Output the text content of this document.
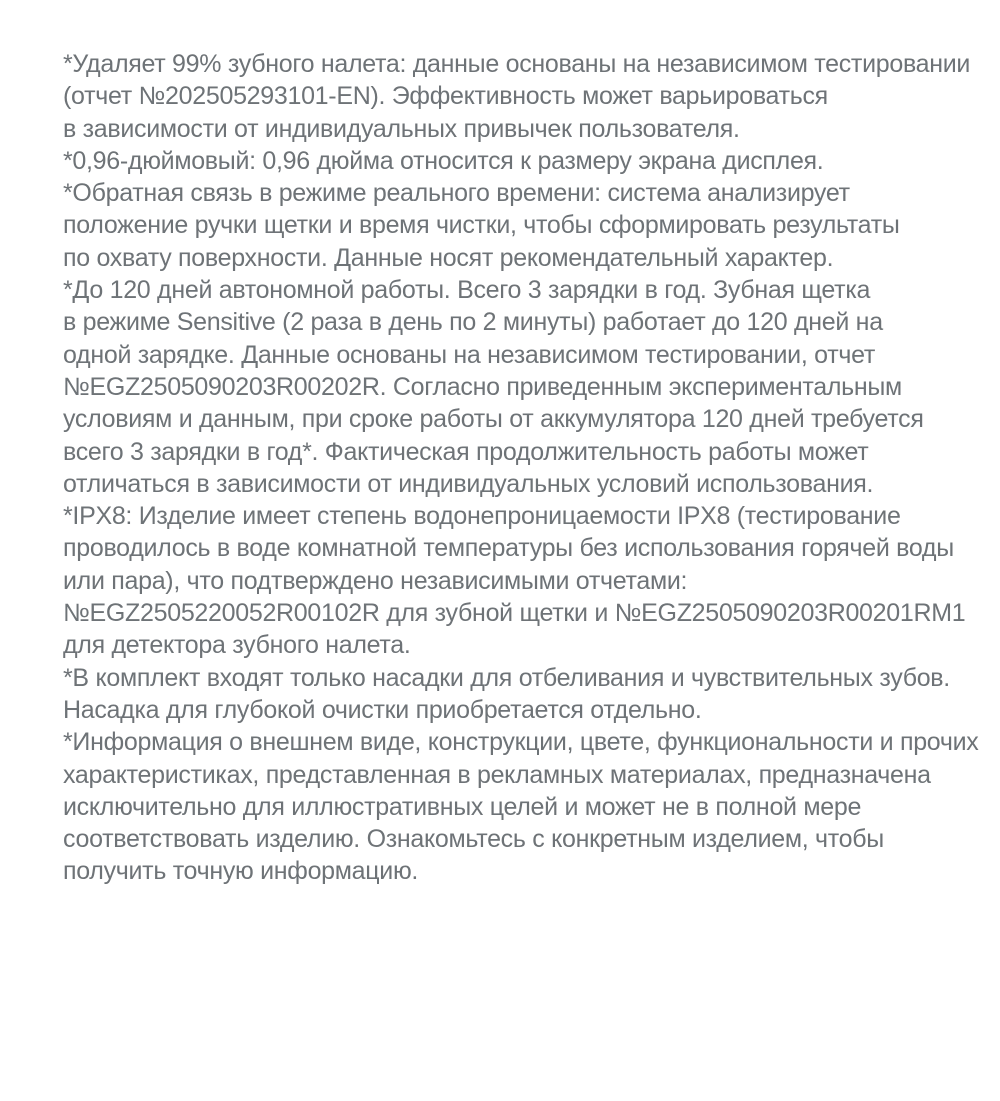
*Удаляет 99% зубного налета: данные основаны на независимом тестировании
(отчет №202505293101-EN). Эффективность может варьироваться
в зависимости от индивидуальных привычек пользователя.
*0,96-дюймовый: 0,96 дюйма относится к размеру экрана дисплея.
*Обратная связь в режиме реального времени: система анализирует
положение ручки щетки и время чистки, чтобы сформировать результаты
по охвату поверхности. Данные носят рекомендательный характер.
*До 120 дней автономной работы. Всего 3 зарядки в год. Зубная щетка
в режиме Sensitive (2 раза в день по 2 минуты) работает до 120 дней на
одной зарядке. Данные основаны на независимом тестировании, отчет
№EGZ2505090203R00202R. Согласно приведенным экспериментальным
условиям и данным, при сроке работы от аккумулятора 120 дней требуется
всего 3 зарядки в год*. Фактическая продолжительность работы может
отличаться в зависимости от индивидуальных условий использования.
*IPX8: Изделие имеет степень водонепроницаемости IPX8 (тестирование
проводилось в воде комнатной температуры без использования горячей воды
или пара), что подтверждено независимыми отчетами:
№EGZ2505220052R00102R для зубной щетки и №EGZ2505090203R00201RM1
для детектора зубного налета.
*В комплект входят только насадки для отбеливания и чувствительных зубов.
Насадка для глубокой очистки приобретается отдельно.
*Информация о внешнем виде, конструкции, цвете, функциональности и прочих
характеристиках, представленная в рекламных материалах, предназначена
исключительно для иллюстративных целей и может не в полной мере
соответствовать изделию. Ознакомьтесь с конкретным изделием, чтобы
получить точную информацию.
